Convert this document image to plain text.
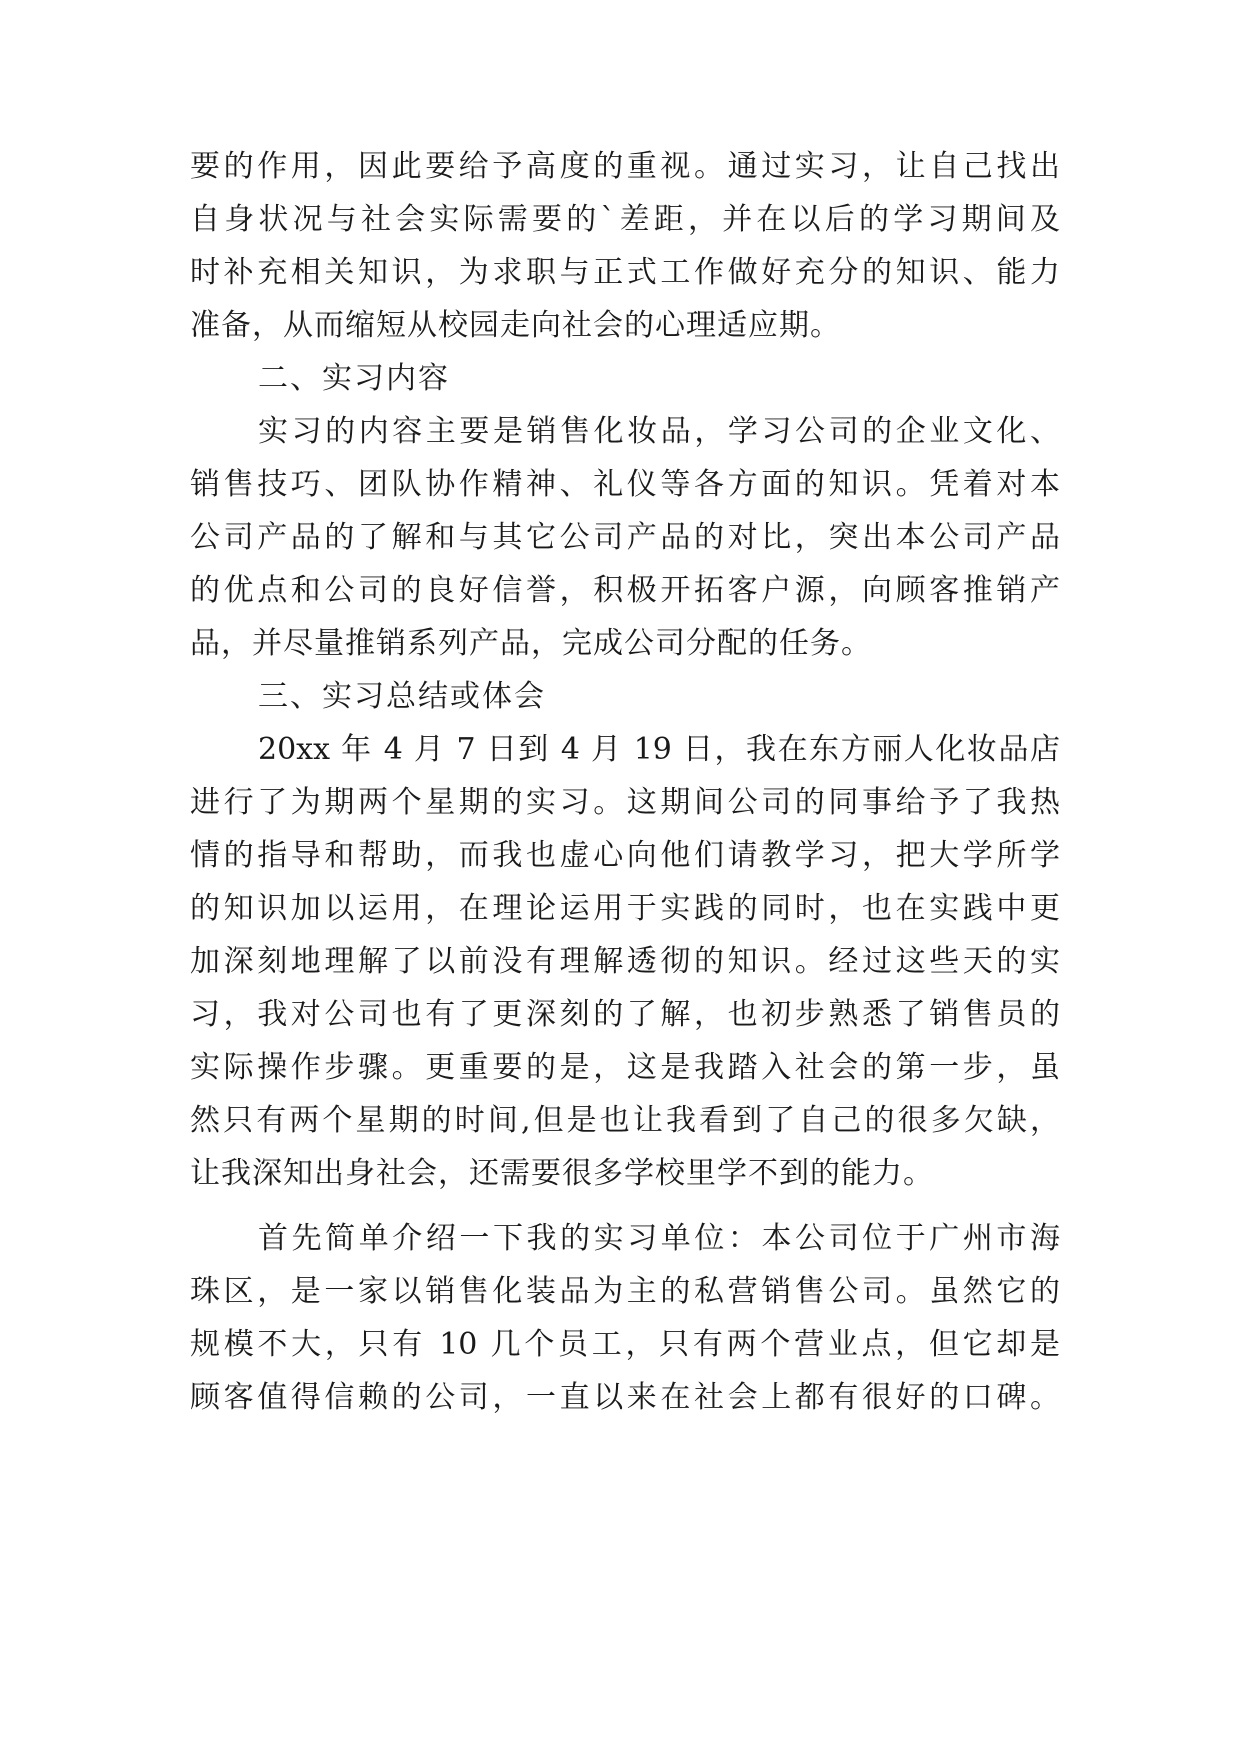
要的作用，因此要给予高度的重视。通过实习，让自己找出
自身状况与社会实际需要的`差距，并在以后的学习期间及
时补充相关知识，为求职与正式工作做好充分的知识、能力
准备，从而缩短从校园走向社会的心理适应期。
二、实习内容
实习的内容主要是销售化妆品，学习公司的企业文化、
销售技巧、团队协作精神、礼仪等各方面的知识。凭着对本
公司产品的了解和与其它公司产品的对比，突出本公司产品
的优点和公司的良好信誉，积极开拓客户源，向顾客推销产
品，并尽量推销系列产品，完成公司分配的任务。
三、实习总结或体会
20xx 年 4 月 7 日到 4 月 19 日，我在东方丽人化妆品店
进行了为期两个星期的实习。这期间公司的同事给予了我热
情的指导和帮助，而我也虚心向他们请教学习，把大学所学
的知识加以运用，在理论运用于实践的同时，也在实践中更
加深刻地理解了以前没有理解透彻的知识。经过这些天的实
习，我对公司也有了更深刻的了解，也初步熟悉了销售员的
实际操作步骤。更重要的是，这是我踏入社会的第一步，虽
然只有两个星期的时间,但是也让我看到了自己的很多欠缺，
让我深知出身社会，还需要很多学校里学不到的能力。
首先简单介绍一下我的实习单位：本公司位于广州市海
珠区，是一家以销售化装品为主的私营销售公司。虽然它的
规模不大，只有 10 几个员工，只有两个营业点，但它却是
顾客值得信赖的公司，一直以来在社会上都有很好的口碑。
